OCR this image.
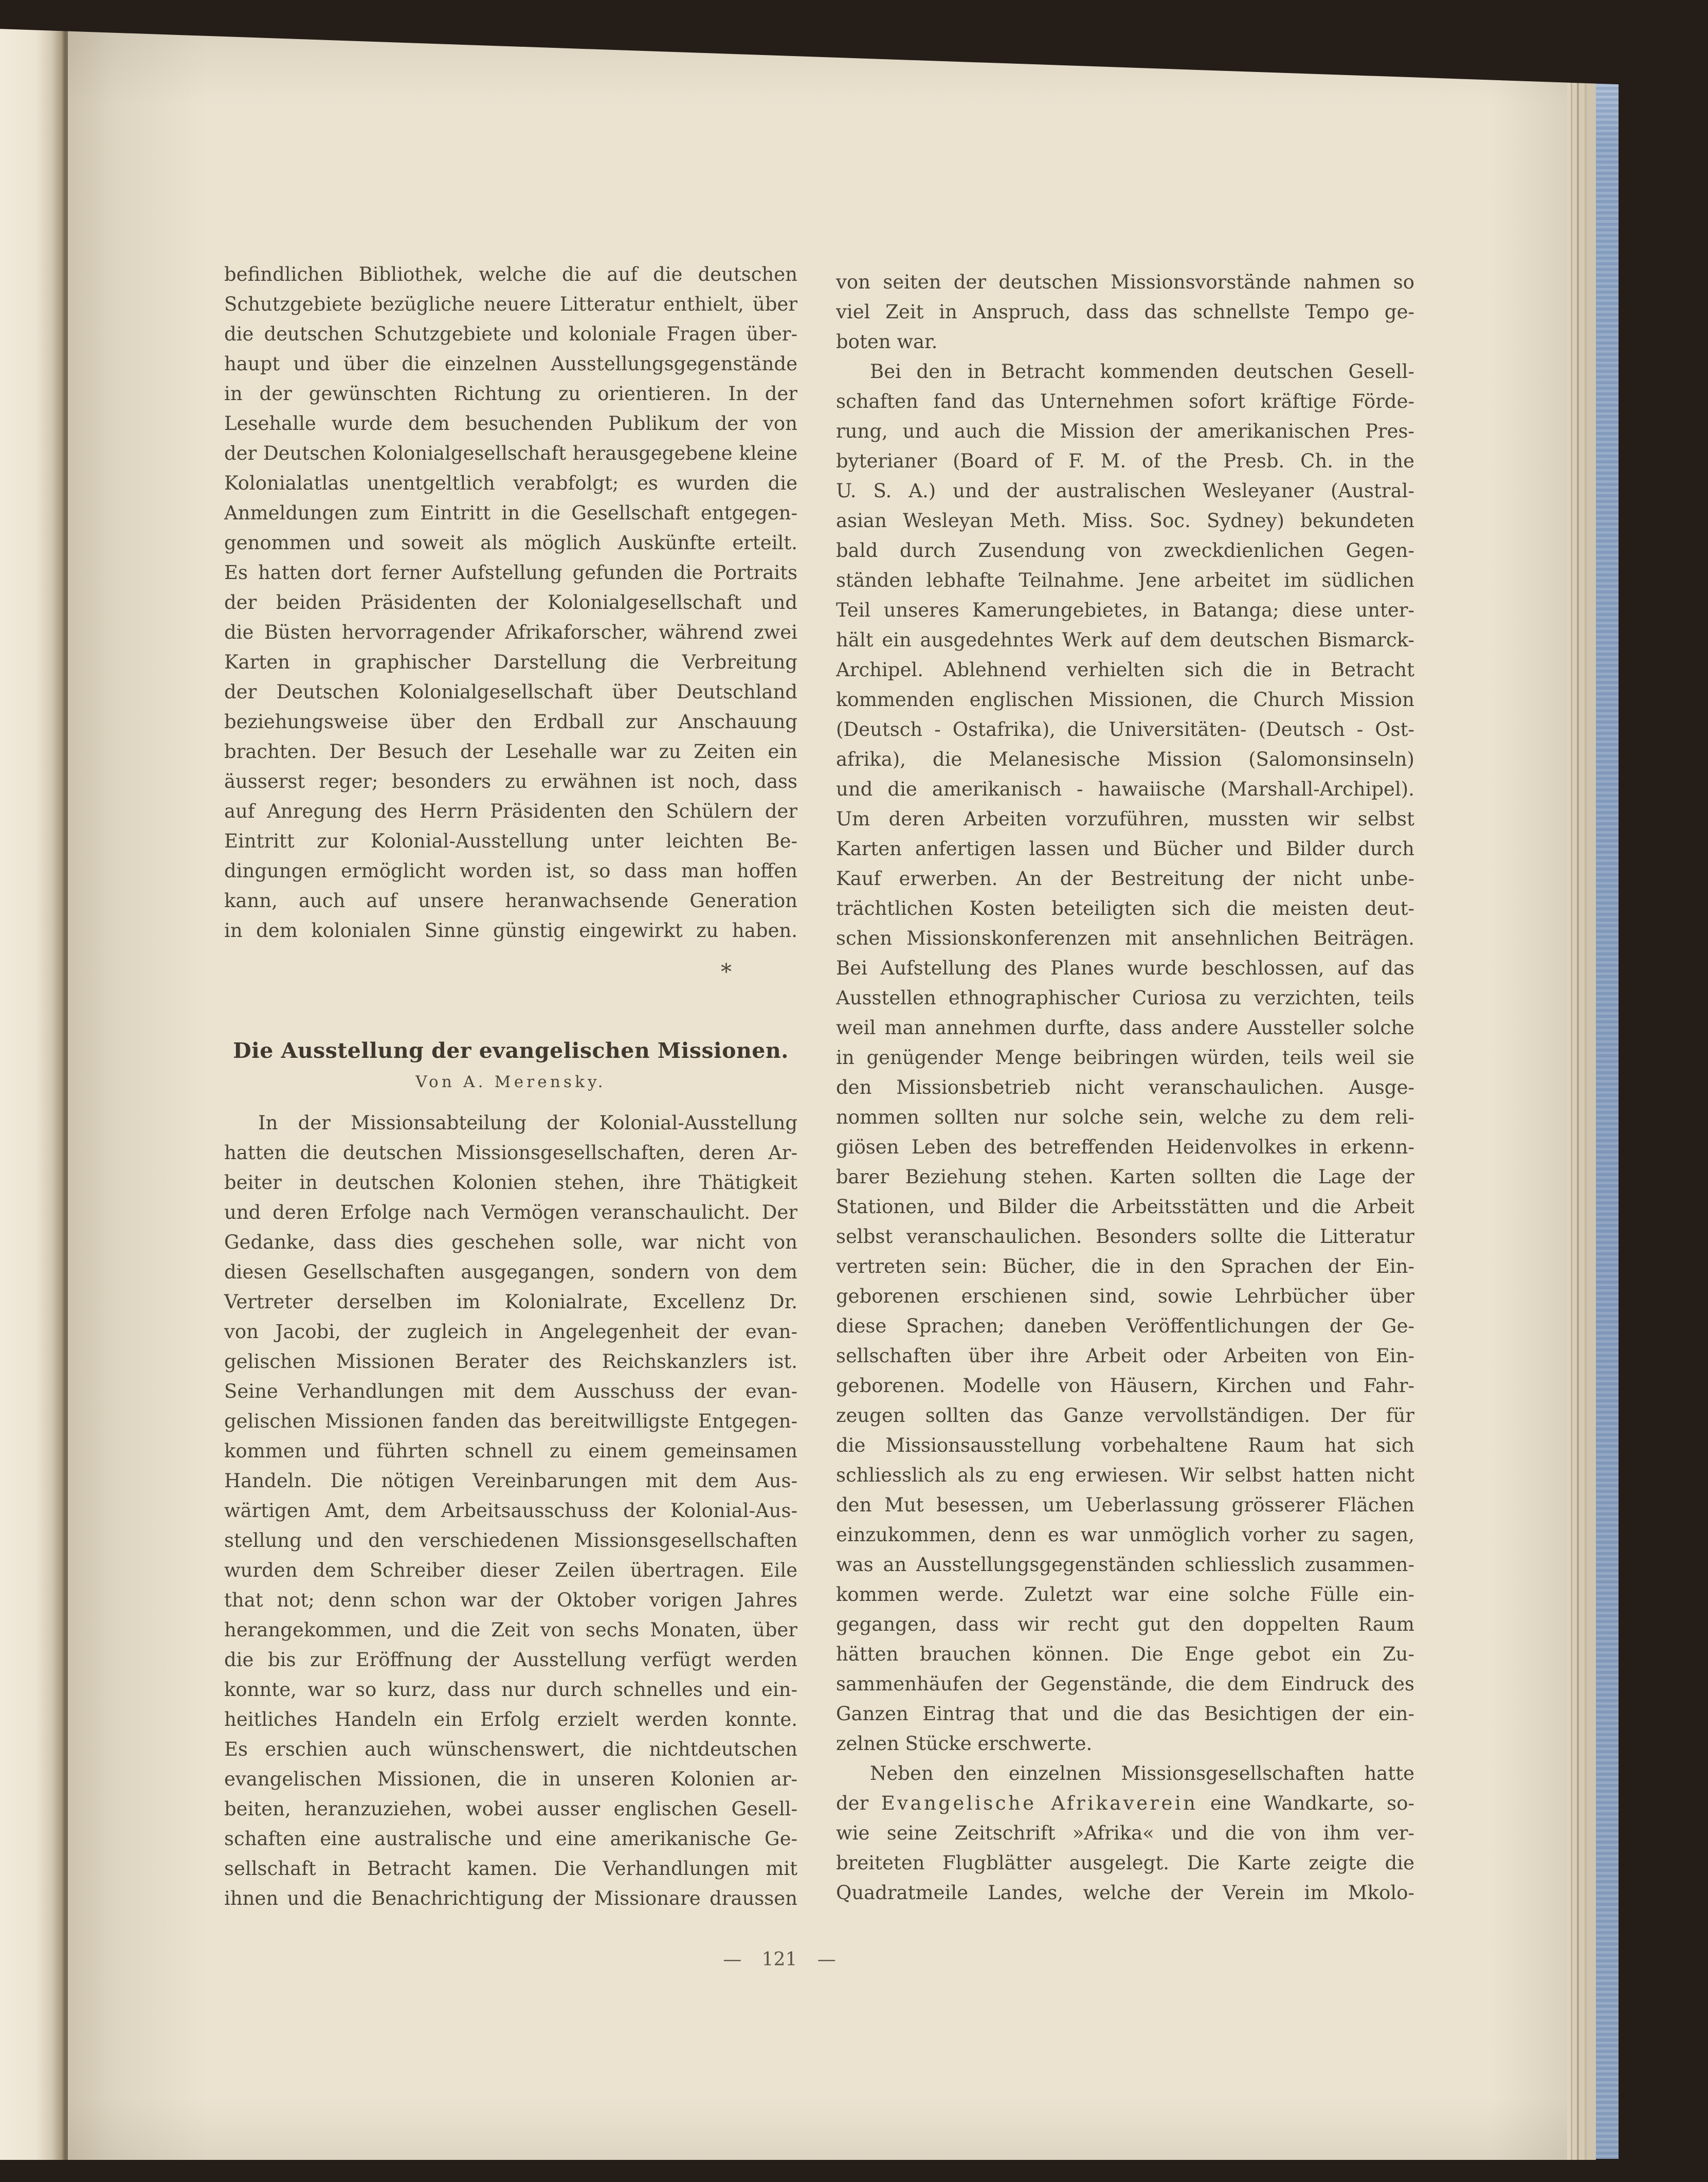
befindlichen Bibliothek, welche die auf die deutschen
Schutzgebiete bezügliche neuere Litteratur enthielt, über
die deutschen Schutzgebiete und koloniale Fragen über-
haupt und über die einzelnen Ausstellungsgegenstände
in der gewünschten Richtung zu orientieren. In der
Lesehalle wurde dem besuchenden Publikum der von
der Deutschen Kolonialgesellschaft herausgegebene kleine
Kolonialatlas unentgeltlich verabfolgt; es wurden die
Anmeldungen zum Eintritt in die Gesellschaft entgegen-
genommen und soweit als möglich Auskünfte erteilt.
Es hatten dort ferner Aufstellung gefunden die Portraits
der beiden Präsidenten der Kolonialgesellschaft und
die Büsten hervorragender Afrikaforscher, während zwei
Karten in graphischer Darstellung die Verbreitung
der Deutschen Kolonialgesellschaft über Deutschland
beziehungsweise über den Erdball zur Anschauung
brachten. Der Besuch der Lesehalle war zu Zeiten ein
äusserst reger; besonders zu erwähnen ist noch, dass
auf Anregung des Herrn Präsidenten den Schülern der
Eintritt zur Kolonial-Ausstellung unter leichten Be-
dingungen ermöglicht worden ist, so dass man hoffen
kann, auch auf unsere heranwachsende Generation
in dem kolonialen Sinne günstig eingewirkt zu haben.
*
Die Ausstellung der evangelischen Missionen.
Von A. Merensky.
In der Missionsabteilung der Kolonial-Ausstellung
hatten die deutschen Missionsgesellschaften, deren Ar-
beiter in deutschen Kolonien stehen, ihre Thätigkeit
und deren Erfolge nach Vermögen veranschaulicht. Der
Gedanke, dass dies geschehen solle, war nicht von
diesen Gesellschaften ausgegangen, sondern von dem
Vertreter derselben im Kolonialrate, Excellenz Dr.
von Jacobi, der zugleich in Angelegenheit der evan-
gelischen Missionen Berater des Reichskanzlers ist.
Seine Verhandlungen mit dem Ausschuss der evan-
gelischen Missionen fanden das bereitwilligste Entgegen-
kommen und führten schnell zu einem gemeinsamen
Handeln. Die nötigen Vereinbarungen mit dem Aus-
wärtigen Amt, dem Arbeitsausschuss der Kolonial-Aus-
stellung und den verschiedenen Missionsgesellschaften
wurden dem Schreiber dieser Zeilen übertragen. Eile
that not; denn schon war der Oktober vorigen Jahres
herangekommen, und die Zeit von sechs Monaten, über
die bis zur Eröffnung der Ausstellung verfügt werden
konnte, war so kurz, dass nur durch schnelles und ein-
heitliches Handeln ein Erfolg erzielt werden konnte.
Es erschien auch wünschenswert, die nichtdeutschen
evangelischen Missionen, die in unseren Kolonien ar-
beiten, heranzuziehen, wobei ausser englischen Gesell-
schaften eine australische und eine amerikanische Ge-
sellschaft in Betracht kamen. Die Verhandlungen mit
ihnen und die Benachrichtigung der Missionare draussen
von seiten der deutschen Missionsvorstände nahmen so
viel Zeit in Anspruch, dass das schnellste Tempo ge-
boten war.
Bei den in Betracht kommenden deutschen Gesell-
schaften fand das Unternehmen sofort kräftige Förde-
rung, und auch die Mission der amerikanischen Pres-
byterianer (Board of F. M. of the Presb. Ch. in the
U. S. A.) und der australischen Wesleyaner (Austral-
asian Wesleyan Meth. Miss. Soc. Sydney) bekundeten
bald durch Zusendung von zweckdienlichen Gegen-
ständen lebhafte Teilnahme. Jene arbeitet im südlichen
Teil unseres Kamerungebietes, in Batanga; diese unter-
hält ein ausgedehntes Werk auf dem deutschen Bismarck-
Archipel. Ablehnend verhielten sich die in Betracht
kommenden englischen Missionen, die Church Mission
(Deutsch - Ostafrika), die Universitäten- (Deutsch - Ost-
afrika), die Melanesische Mission (Salomonsinseln)
und die amerikanisch - hawaiische (Marshall-Archipel).
Um deren Arbeiten vorzuführen, mussten wir selbst
Karten anfertigen lassen und Bücher und Bilder durch
Kauf erwerben. An der Bestreitung der nicht unbe-
trächtlichen Kosten beteiligten sich die meisten deut-
schen Missionskonferenzen mit ansehnlichen Beiträgen.
Bei Aufstellung des Planes wurde beschlossen, auf das
Ausstellen ethnographischer Curiosa zu verzichten, teils
weil man annehmen durfte, dass andere Aussteller solche
in genügender Menge beibringen würden, teils weil sie
den Missionsbetrieb nicht veranschaulichen. Ausge-
nommen sollten nur solche sein, welche zu dem reli-
giösen Leben des betreffenden Heidenvolkes in erkenn-
barer Beziehung stehen. Karten sollten die Lage der
Stationen, und Bilder die Arbeitsstätten und die Arbeit
selbst veranschaulichen. Besonders sollte die Litteratur
vertreten sein: Bücher, die in den Sprachen der Ein-
geborenen erschienen sind, sowie Lehrbücher über
diese Sprachen; daneben Veröffentlichungen der Ge-
sellschaften über ihre Arbeit oder Arbeiten von Ein-
geborenen. Modelle von Häusern, Kirchen und Fahr-
zeugen sollten das Ganze vervollständigen. Der für
die Missionsausstellung vorbehaltene Raum hat sich
schliesslich als zu eng erwiesen. Wir selbst hatten nicht
den Mut besessen, um Ueberlassung grösserer Flächen
einzukommen, denn es war unmöglich vorher zu sagen,
was an Ausstellungsgegenständen schliesslich zusammen-
kommen werde. Zuletzt war eine solche Fülle ein-
gegangen, dass wir recht gut den doppelten Raum
hätten brauchen können. Die Enge gebot ein Zu-
sammenhäufen der Gegenstände, die dem Eindruck des
Ganzen Eintrag that und die das Besichtigen der ein-
zelnen Stücke erschwerte.
Neben den einzelnen Missionsgesellschaften hatte
der Evangelische Afrikaverein eine Wandkarte, so-
wie seine Zeitschrift »Afrika« und die von ihm ver-
breiteten Flugblätter ausgelegt. Die Karte zeigte die
Quadratmeile Landes, welche der Verein im Mkolo-
— 121 —
